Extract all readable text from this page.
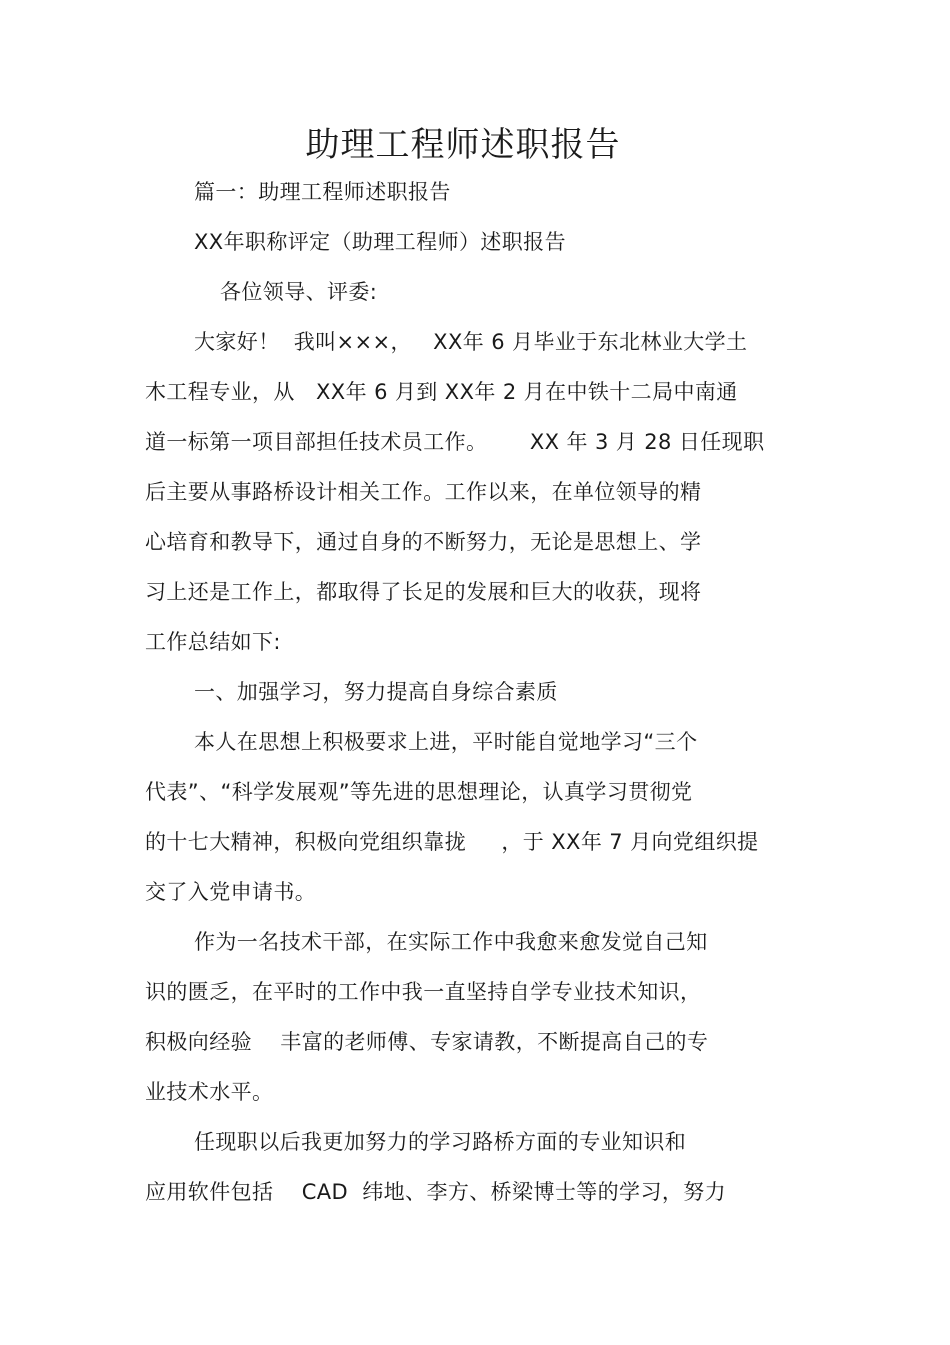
助理工程师述职报告
篇一：助理工程师述职报告
XX年职称评定（助理工程师）述职报告
各位领导、评委:
大家好！  我叫×××，   XX年 6 月毕业于东北林业大学土
木工程专业，从   XX年 6 月到 XX年 2 月在中铁十二局中南通
道一标第一项目部担任技术员工作。      XX 年 3 月 28 日任现职
后主要从事路桥设计相关工作。工作以来，在单位领导的精
心培育和教导下，通过自身的不断努力，无论是思想上、学
习上还是工作上，都取得了长足的发展和巨大的收获，现将
工作总结如下:
一、加强学习，努力提高自身综合素质
本人在思想上积极要求上进，平时能自觉地学习“三个
代表”、“科学发展观”等先进的思想理论，认真学习贯彻党
的十七大精神，积极向党组织靠拢     ，于 XX年 7 月向党组织提
交了入党申请书。
作为一名技术干部，在实际工作中我愈来愈发觉自己知
识的匮乏，在平时的工作中我一直坚持自学专业技术知识，
积极向经验    丰富的老师傅、专家请教，不断提高自己的专
业技术水平。
任现职以后我更加努力的学习路桥方面的专业知识和
应用软件包括    CAD  纬地、李方、桥梁博士等的学习，努力
